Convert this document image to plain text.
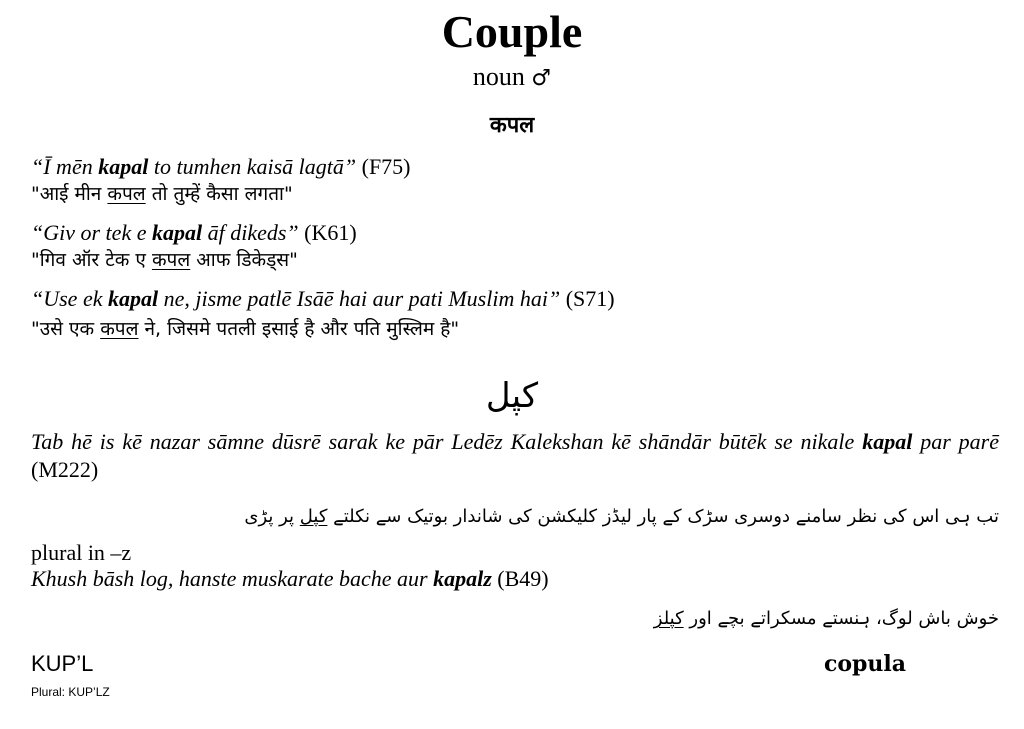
Couple
noun ♂
कपल
“Ī mēn kapal to tumhen kaisā lagtā” (F75)
"आई मीन कपल तो तुम्हें कैसा लगता"
“Giv or tek e kapal āf dikeds” (K61)
"गिव ऑर टेक ए कपल आफ डिकेड्स"
“Use ek kapal ne, jisme patlē Isāē hai aur pati Muslim hai” (S71)
"उसे एक कपल ने, जिसमे पतली इसाई है और पति मुस्लिम है"
کپل
Tab hē is kē nazar sāmne dūsrē sarak ke pār Ledēz Kalekshan kē shāndār būtēk se nikale kapal par parē (M222)
تب ہی اس کی نظر سامنے دوسری سڑک کے پار لیڈز کلیکشن کی شاندار بوتیک سے نکلتے کپل پر پڑی
plural in –z
Khush bāsh log, hanste muskarate bache aur kapalz (B49)
خوش باش لوگ، ہنستے مسکراتے بچے اور کپلز
KUP’L
Plural: KUP’LZ
copula
